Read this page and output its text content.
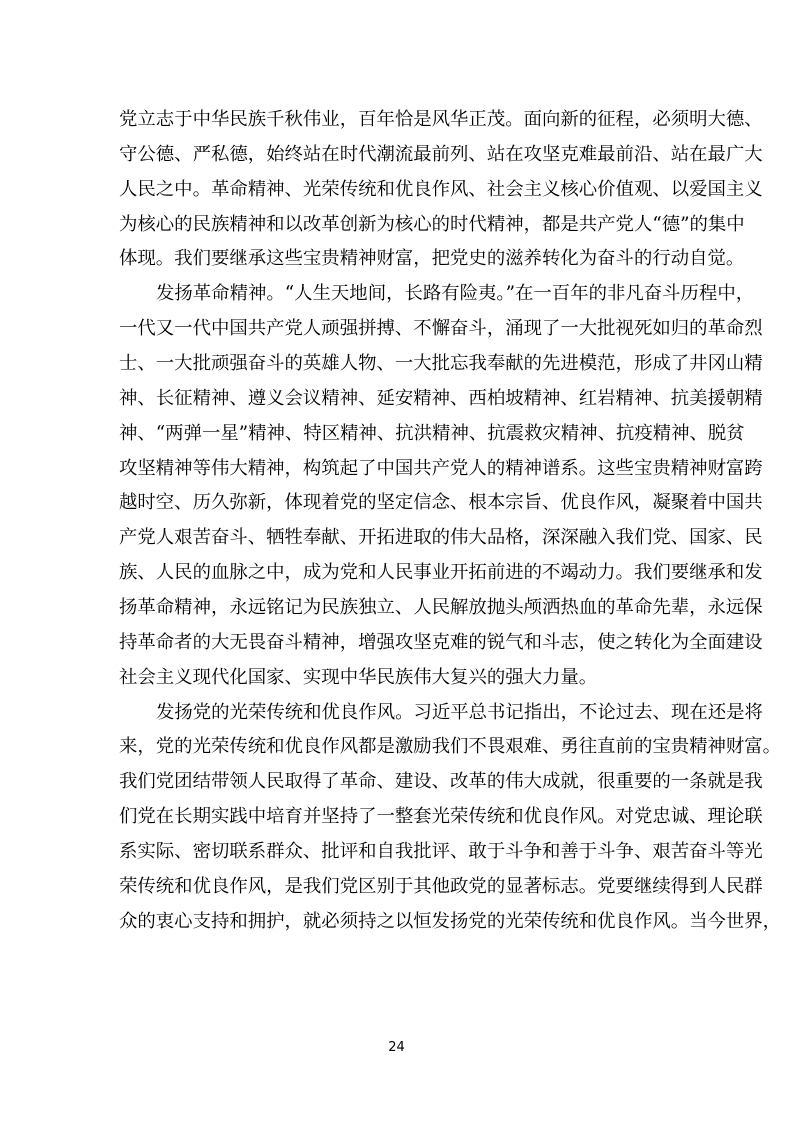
党立志于中华民族千秋伟业，百年恰是风华正茂。面向新的征程，必须明大德、
守公德、严私德，始终站在时代潮流最前列、站在攻坚克难最前沿、站在最广大
人民之中。革命精神、光荣传统和优良作风、社会主义核心价值观、以爱国主义
为核心的民族精神和以改革创新为核心的时代精神，都是共产党人“德”的集中
体现。我们要继承这些宝贵精神财富，把党史的滋养转化为奋斗的行动自觉。
发扬革命精神。“人生天地间，长路有险夷。”在一百年的非凡奋斗历程中，
一代又一代中国共产党人顽强拼搏、不懈奋斗，涌现了一大批视死如归的革命烈
士、一大批顽强奋斗的英雄人物、一大批忘我奉献的先进模范，形成了井冈山精
神、长征精神、遵义会议精神、延安精神、西柏坡精神、红岩精神、抗美援朝精
神、“两弹一星”精神、特区精神、抗洪精神、抗震救灾精神、抗疫精神、脱贫
攻坚精神等伟大精神，构筑起了中国共产党人的精神谱系。这些宝贵精神财富跨
越时空、历久弥新，体现着党的坚定信念、根本宗旨、优良作风，凝聚着中国共
产党人艰苦奋斗、牺牲奉献、开拓进取的伟大品格，深深融入我们党、国家、民
族、人民的血脉之中，成为党和人民事业开拓前进的不竭动力。我们要继承和发
扬革命精神，永远铭记为民族独立、人民解放抛头颅洒热血的革命先辈，永远保
持革命者的大无畏奋斗精神，增强攻坚克难的锐气和斗志，使之转化为全面建设
社会主义现代化国家、实现中华民族伟大复兴的强大力量。
发扬党的光荣传统和优良作风。习近平总书记指出，不论过去、现在还是将
来，党的光荣传统和优良作风都是激励我们不畏艰难、勇往直前的宝贵精神财富。
我们党团结带领人民取得了革命、建设、改革的伟大成就，很重要的一条就是我
们党在长期实践中培育并坚持了一整套光荣传统和优良作风。对党忠诚、理论联
系实际、密切联系群众、批评和自我批评、敢于斗争和善于斗争、艰苦奋斗等光
荣传统和优良作风，是我们党区别于其他政党的显著标志。党要继续得到人民群
众的衷心支持和拥护，就必须持之以恒发扬党的光荣传统和优良作风。当今世界，
24
